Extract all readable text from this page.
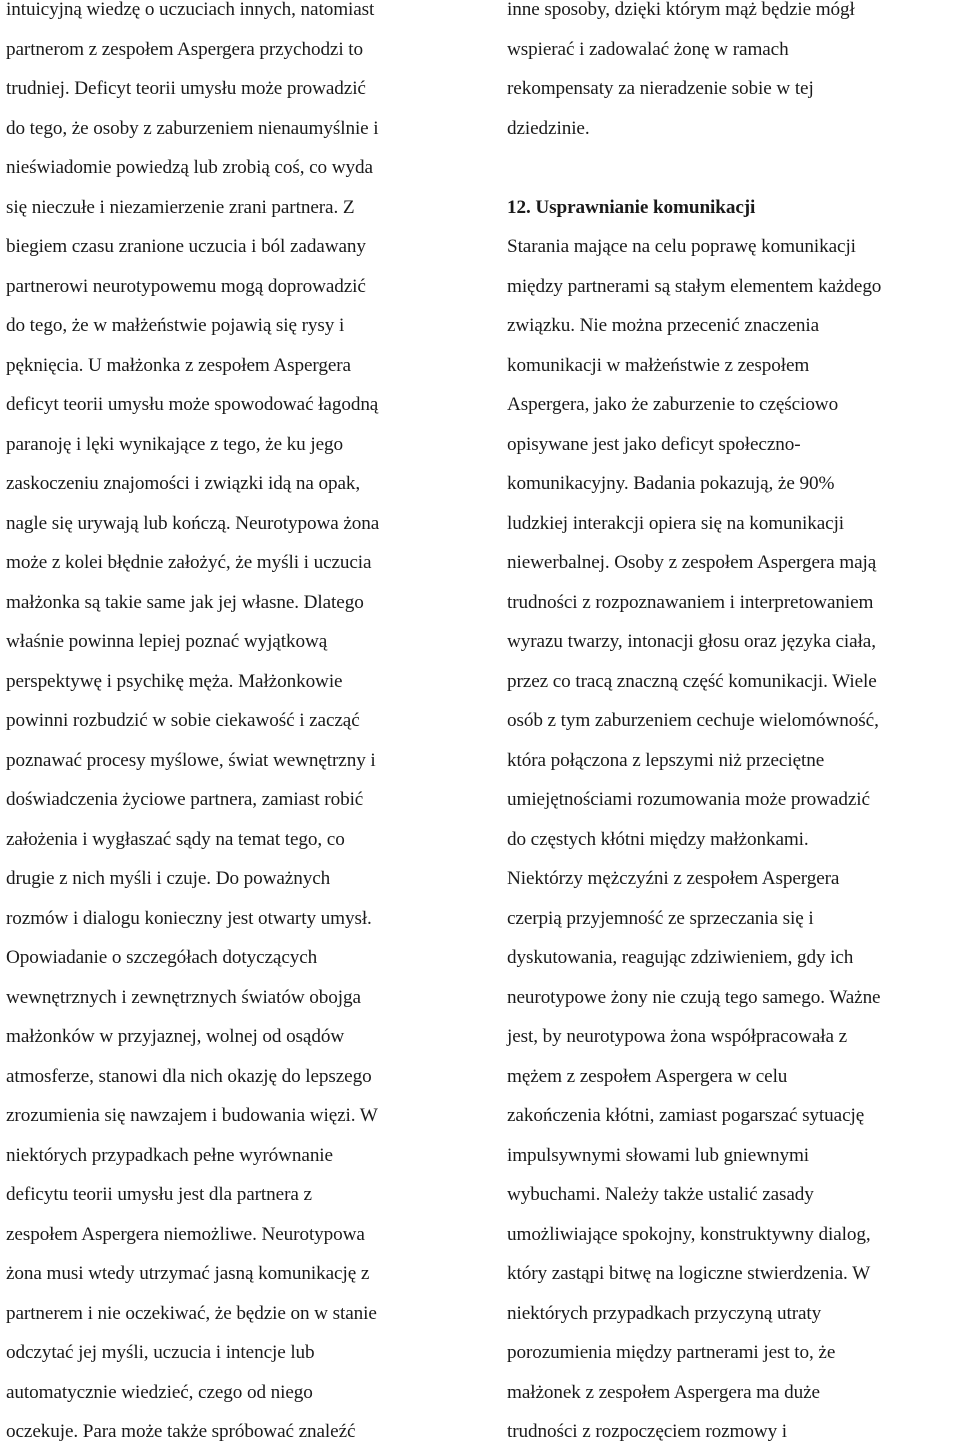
intuicyjną wiedzę o uczuciach innych, natomiast
partnerom z zespołem Aspergera przychodzi to
trudniej. Deficyt teorii umysłu może prowadzić
do tego, że osoby z zaburzeniem nienaumyślnie i
nieświadomie powiedzą lub zrobią coś, co wyda
się nieczułe i niezamierzenie zrani partnera. Z
biegiem czasu zranione uczucia i ból zadawany
partnerowi neurotypowemu mogą doprowadzić
do tego, że w małżeństwie pojawią się rysy i
pęknięcia. U małżonka z zespołem Aspergera
deficyt teorii umysłu może spowodować łagodną
paranoję i lęki wynikające z tego, że ku jego
zaskoczeniu znajomości i związki idą na opak,
nagle się urywają lub kończą. Neurotypowa żona
może z kolei błędnie założyć, że myśli i uczucia
małżonka są takie same jak jej własne. Dlatego
właśnie powinna lepiej poznać wyjątkową
perspektywę i psychikę męża. Małżonkowie
powinni rozbudzić w sobie ciekawość i zacząć
poznawać procesy myślowe, świat wewnętrzny i
doświadczenia życiowe partnera, zamiast robić
założenia i wygłaszać sądy na temat tego, co
drugie z nich myśli i czuje. Do poważnych
rozmów i dialogu konieczny jest otwarty umysł.
Opowiadanie o szczegółach dotyczących
wewnętrznych i zewnętrznych światów obojga
małżonków w przyjaznej, wolnej od osądów
atmosferze, stanowi dla nich okazję do lepszego
zrozumienia się nawzajem i budowania więzi. W
niektórych przypadkach pełne wyrównanie
deficytu teorii umysłu jest dla partnera z
zespołem Aspergera niemożliwe. Neurotypowa
żona musi wtedy utrzymać jasną komunikację z
partnerem i nie oczekiwać, że będzie on w stanie
odczytać jej myśli, uczucia i intencje lub
automatycznie wiedzieć, czego od niego
oczekuje. Para może także spróbować znaleźć
inne sposoby, dzięki którym mąż będzie mógł
wspierać i zadowalać żonę w ramach
rekompensaty za nieradzenie sobie w tej
dziedzinie.
12. Usprawnianie komunikacji
Starania mające na celu poprawę komunikacji
między partnerami są stałym elementem każdego
związku. Nie można przecenić znaczenia
komunikacji w małżeństwie z zespołem
Aspergera, jako że zaburzenie to częściowo
opisywane jest jako deficyt społeczno-
komunikacyjny. Badania pokazują, że 90%
ludzkiej interakcji opiera się na komunikacji
niewerbalnej. Osoby z zespołem Aspergera mają
trudności z rozpoznawaniem i interpretowaniem
wyrazu twarzy, intonacji głosu oraz języka ciała,
przez co tracą znaczną część komunikacji. Wiele
osób z tym zaburzeniem cechuje wielomówność,
która połączona z lepszymi niż przeciętne
umiejętnościami rozumowania może prowadzić
do częstych kłótni między małżonkami.
Niektórzy mężczyźni z zespołem Aspergera
czerpią przyjemność ze sprzeczania się i
dyskutowania, reagując zdziwieniem, gdy ich
neurotypowe żony nie czują tego samego. Ważne
jest, by neurotypowa żona współpracowała z
mężem z zespołem Aspergera w celu
zakończenia kłótni, zamiast pogarszać sytuację
impulsywnymi słowami lub gniewnymi
wybuchami. Należy także ustalić zasady
umożliwiające spokojny, konstruktywny dialog,
który zastąpi bitwę na logiczne stwierdzenia. W
niektórych przypadkach przyczyną utraty
porozumienia między partnerami jest to, że
małżonek z zespołem Aspergera ma duże
trudności z rozpoczęciem rozmowy i
